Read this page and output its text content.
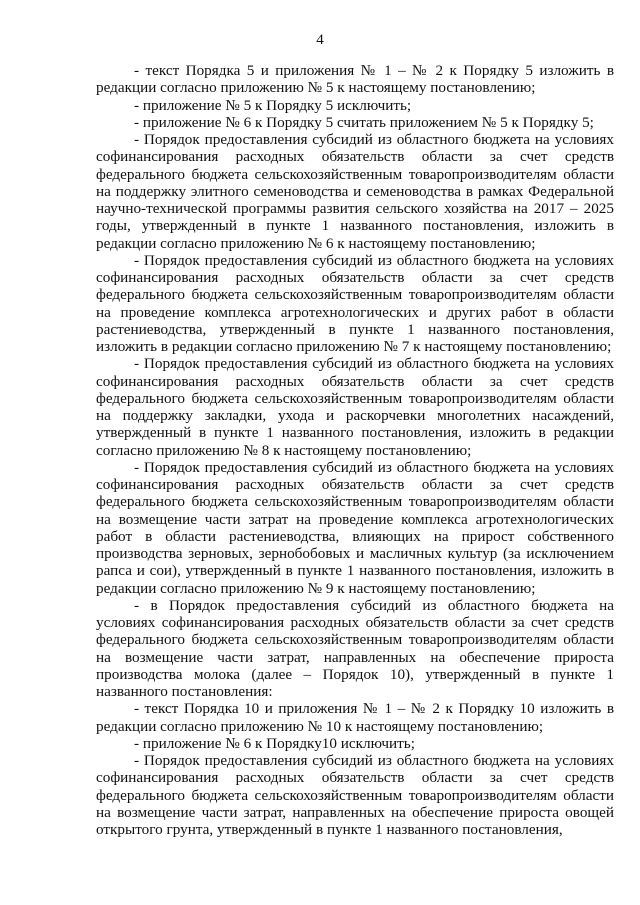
4

- текст Порядка 5 и приложения № 1 – № 2 к Порядку 5 изложить в редакции согласно приложению № 5 к настоящему постановлению;

- приложение № 5 к Порядку 5 исключить;

- приложение № 6 к Порядку 5 считать приложением № 5 к Порядку 5;

- Порядок предоставления субсидий из областного бюджета на условиях софинансирования расходных обязательств области за счет средств федерального бюджета сельскохозяйственным товаропроизводителям области на поддержку элитного семеноводства и семеноводства в рамках Федеральной научно-технической программы развития сельского хозяйства на 2017 – 2025 годы, утвержденный в пункте 1 названного постановления, изложить в редакции согласно приложению № 6 к настоящему постановлению;

- Порядок предоставления субсидий из областного бюджета на условиях софинансирования расходных обязательств области за счет средств федерального бюджета сельскохозяйственным товаропроизводителям области на проведение комплекса агротехнологических и других работ в области растениеводства, утвержденный в пункте 1 названного постановления, изложить в редакции согласно приложению № 7 к настоящему постановлению;

- Порядок предоставления субсидий из областного бюджета на условиях софинансирования расходных обязательств области за счет средств федерального бюджета сельскохозяйственным товаропроизводителям области на поддержку закладки, ухода и раскорчевки многолетних насаждений, утвержденный в пункте 1 названного постановления, изложить в редакции согласно приложению № 8 к настоящему постановлению;

- Порядок предоставления субсидий из областного бюджета на условиях софинансирования расходных обязательств области за счет средств федерального бюджета сельскохозяйственным товаропроизводителям области на возмещение части затрат на проведение комплекса агротехнологических работ в области растениеводства, влияющих на прирост собственного производства зерновых, зернобобовых и масличных культур (за исключением рапса и сои), утвержденный в пункте 1 названного постановления, изложить в редакции согласно приложению № 9 к настоящему постановлению;

- в Порядок предоставления субсидий из областного бюджета на условиях софинансирования расходных обязательств области за счет средств федерального бюджета сельскохозяйственным товаропроизводителям области на возмещение части затрат, направленных на обеспечение прироста производства молока (далее – Порядок 10), утвержденный в пункте 1 названного постановления:

- текст Порядка 10 и приложения № 1 – № 2 к Порядку 10 изложить в редакции согласно приложению № 10 к настоящему постановлению;

- приложение № 6 к Порядку10 исключить;

- Порядок предоставления субсидий из областного бюджета на условиях софинансирования расходных обязательств области за счет средств федерального бюджета сельскохозяйственным товаропроизводителям области на возмещение части затрат, направленных на обеспечение прироста овощей открытого грунта, утвержденный в пункте 1 названного постановления,
